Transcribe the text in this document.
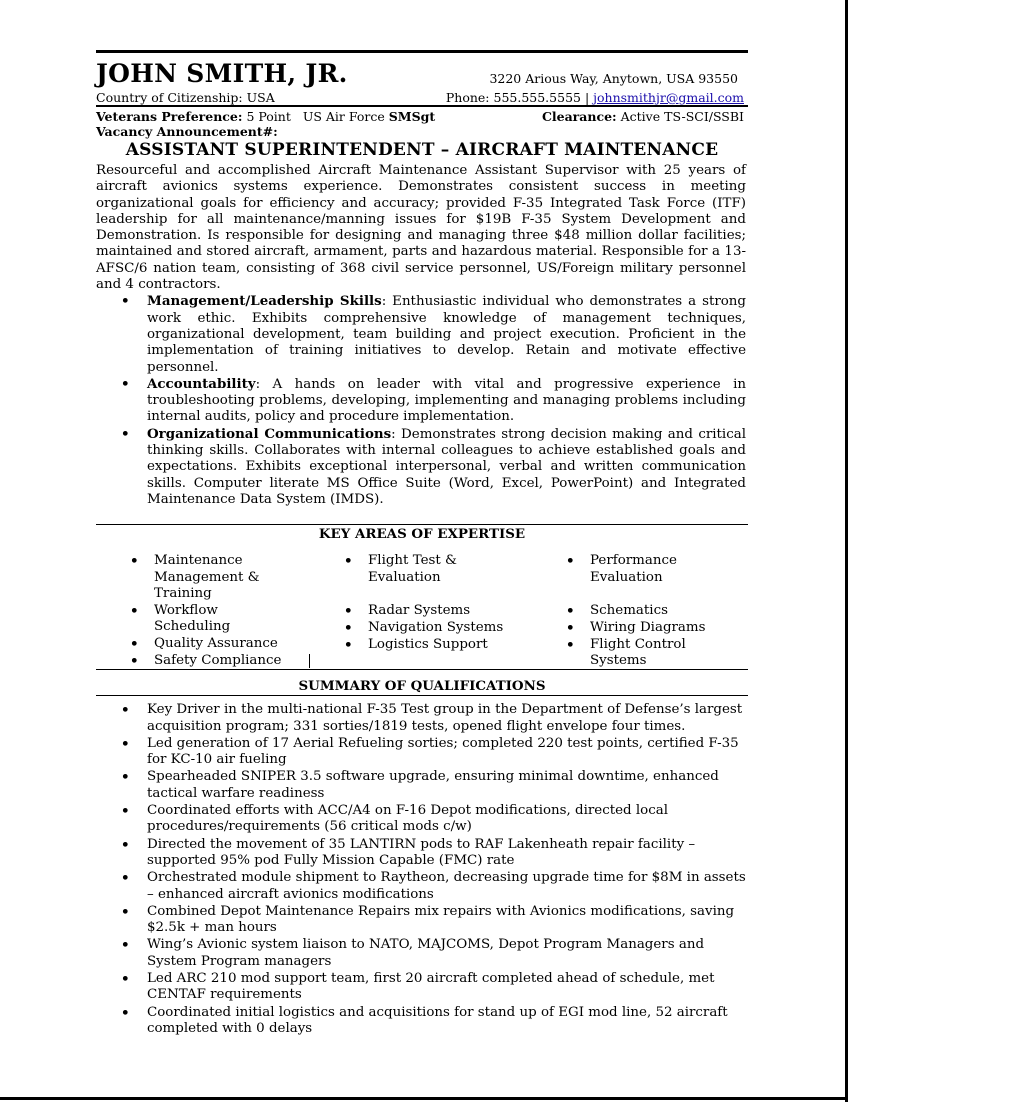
JOHN SMITH, JR.	3220 Arious Way, Anytown, USA 93550
Country of Citizenship: USA	Phone: 555.555.5555 | johnsmithjr@gmail.com
Veterans Preference: 5 Point US Air Force SMSgt
Vacancy Announcement#:
Clearance: Active TS-SCI/SSBI
ASSISTANT SUPERINTENDENT – AIRCRAFT MAINTENANCE

Resourceful and accomplished Aircraft Maintenance Assistant Supervisor with 25 years of aircraft avionics systems experience. Demonstrates consistent success in meeting organizational goals for efficiency and accuracy; provided F-35 Integrated Task Force (ITF) leadership for all maintenance/manning issues for $19B F-35 System Development and Demonstration. Is responsible for designing and managing three $48 million dollar facilities; maintained and stored aircraft, armament, parts and hazardous material. Responsible for a 13-AFSC/6 nation team, consisting of 368 civil service personnel, US/Foreign military personnel and 4 contractors.

• Management/Leadership Skills: Enthusiastic individual who demonstrates a strong work ethic. Exhibits comprehensive knowledge of management techniques, organizational development, team building and project execution. Proficient in the implementation of training initiatives to develop. Retain and motivate effective personnel.
• Accountability: A hands on leader with vital and progressive experience in troubleshooting problems, developing, implementing and managing problems including internal audits, policy and procedure implementation.
• Organizational Communications: Demonstrates strong decision making and critical thinking skills. Collaborates with internal colleagues to achieve established goals and expectations. Exhibits exceptional interpersonal, verbal and written communication skills. Computer literate MS Office Suite (Word, Excel, PowerPoint) and Integrated Maintenance Data System (IMDS).
KEY AREAS OF EXPERTISE
• Maintenance Management & Training
• Workflow Scheduling
• Quality Assurance
• Safety Compliance
• Flight Test & Evaluation
• Radar Systems
• Navigation Systems
• Logistics Support
• Performance Evaluation
• Schematics
• Wiring Diagrams
• Flight Control Systems
SUMMARY OF QUALIFICATIONS
• Key Driver in the multi-national F-35 Test group in the Department of Defense’s largest acquisition program; 331 sorties/1819 tests, opened flight envelope four times.
• Led generation of 17 Aerial Refueling sorties; completed 220 test points, certified F-35 for KC-10 air fueling
• Spearheaded SNIPER 3.5 software upgrade, ensuring minimal downtime, enhanced tactical warfare readiness
• Coordinated efforts with ACC/A4 on F-16 Depot modifications, directed local procedures/requirements (56 critical mods c/w)
• Directed the movement of 35 LANTIRN pods to RAF Lakenheath repair facility – supported 95% pod Fully Mission Capable (FMC) rate
• Orchestrated module shipment to Raytheon, decreasing upgrade time for $8M in assets – enhanced aircraft avionics modifications
• Combined Depot Maintenance Repairs mix repairs with Avionics modifications, saving $2.5k + man hours
• Wing’s Avionic system liaison to NATO, MAJCOMS, Depot Program Managers and System Program managers
• Led ARC 210 mod support team, first 20 aircraft completed ahead of schedule, met CENTAF requirements
• Coordinated initial logistics and acquisitions for stand up of EGI mod line, 52 aircraft completed with 0 delays
